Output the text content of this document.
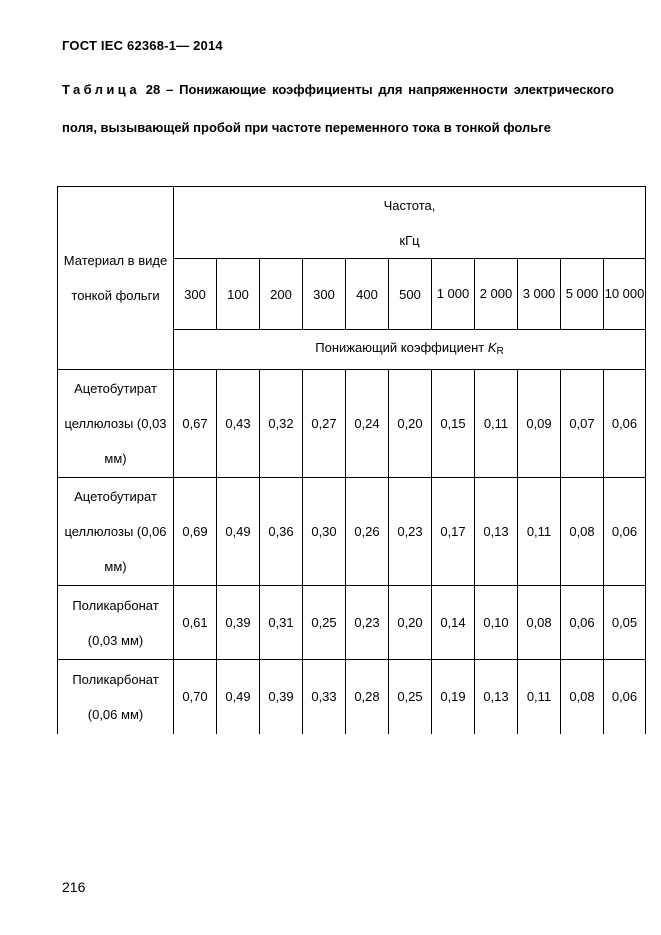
ГОСТ IEC 62368-1— 2014
Таблица 28 – Понижающие коэффициенты для напряженности электрического поля, вызывающей пробой при частоте переменного тока в тонкой фольге
Материал в виде тонкой фольги	Частота,
кГц										

	300	100	200	300	400	500	1 000	2 000	3 000	5 000	10 000
	Понижающий коэффициент $K_R$
Ацетобутират целлюлозы (0,03 мм)	0,67	0,43	0,32	0,27	0,24	0,20	0,15	0,11	0,09	0,07	0,06
Ацетобутират целлюлозы (0,06 мм)	0,69	0,49	0,36	0,30	0,26	0,23	0,17	0,13	0,11	0,08	0,06
Поликарбонат (0,03 мм)	0,61	0,39	0,31	0,25	0,23	0,20	0,14	0,10	0,08	0,06	0,05
Поликарбонат (0,06 мм)	0,70	0,49	0,39	0,33	0,28	0,25	0,19	0,13	0,11	0,08	0,06
216
